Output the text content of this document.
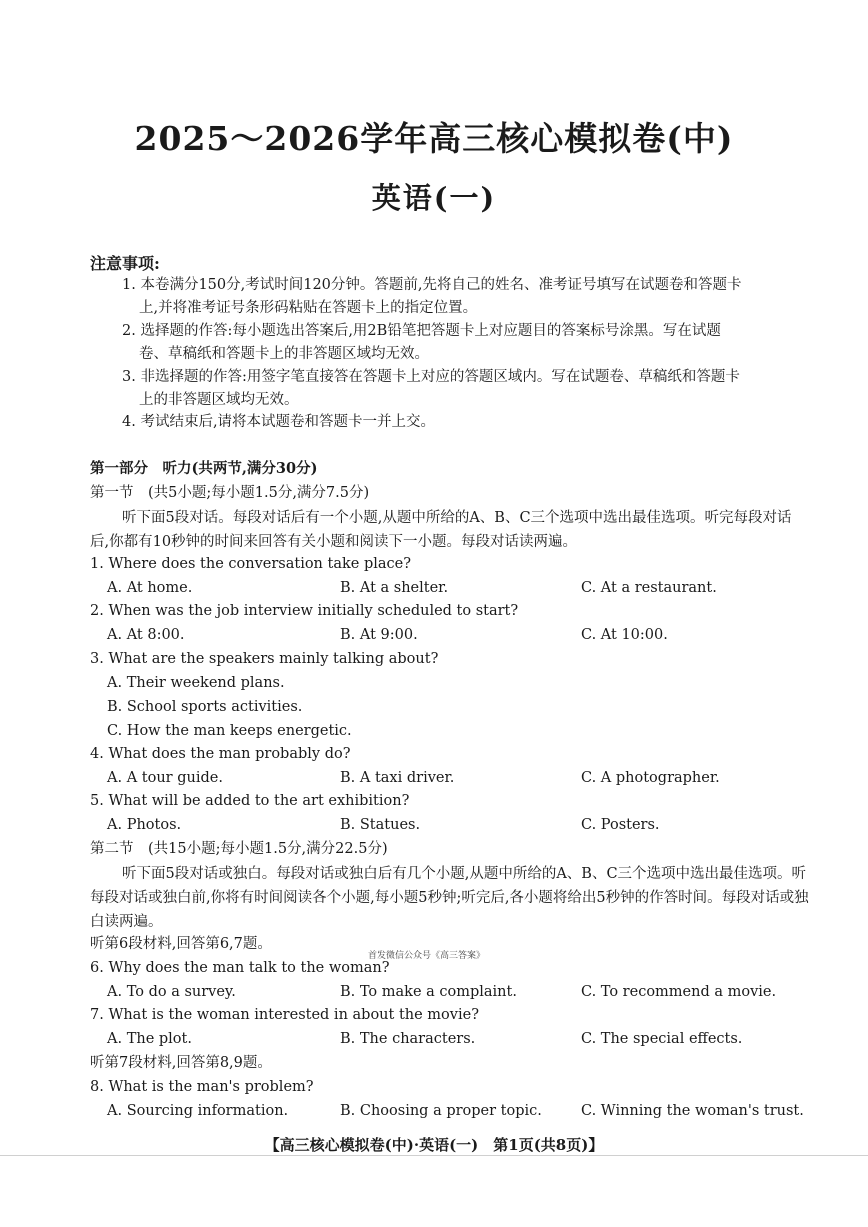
2025～2026学年高三核心模拟卷(中)
英语(一)
注意事项:
1. 本卷满分150分,考试时间120分钟。答题前,先将自己的姓名、准考证号填写在试题卷和答题卡
上,并将准考证号条形码粘贴在答题卡上的指定位置。
2. 选择题的作答:每小题选出答案后,用2B铅笔把答题卡上对应题目的答案标号涂黑。写在试题
卷、草稿纸和答题卡上的非答题区域均无效。
3. 非选择题的作答:用签字笔直接答在答题卡上对应的答题区域内。写在试题卷、草稿纸和答题卡
上的非答题区域均无效。
4. 考试结束后,请将本试题卷和答题卡一并上交。
第一部分　听力(共两节,满分30分)
第一节　(共5小题;每小题1.5分,满分7.5分)
听下面5段对话。每段对话后有一个小题,从题中所给的A、B、C三个选项中选出最佳选项。听完每段对话后,你都有10秒钟的时间来回答有关小题和阅读下一小题。每段对话读两遍。
1. Where does the conversation take place?
A. At home.	B. At a shelter.	C. At a restaurant.
2. When was the job interview initially scheduled to start?
A. At 8:00.	B. At 9:00.	C. At 10:00.
3. What are the speakers mainly talking about?
A. Their weekend plans.
B. School sports activities.
C. How the man keeps energetic.
4. What does the man probably do?
A. A tour guide.	B. A taxi driver.	C. A photographer.
5. What will be added to the art exhibition?
A. Photos.	B. Statues.	C. Posters.
第二节　(共15小题;每小题1.5分,满分22.5分)
听下面5段对话或独白。每段对话或独白后有几个小题,从题中所给的A、B、C三个选项中选出最佳选项。听每段对话或独白前,你将有时间阅读各个小题,每小题5秒钟;听完后,各小题将给出5秒钟的作答时间。每段对话或独白读两遍。
听第6段材料,回答第6,7题。
首发微信公众号《高三答案》
6. Why does the man talk to the woman?
A. To do a survey.	B. To make a complaint.	C. To recommend a movie.
7. What is the woman interested in about the movie?
A. The plot.	B. The characters.	C. The special effects.
听第7段材料,回答第8,9题。
8. What is the man's problem?
A. Sourcing information.	B. Choosing a proper topic.	C. Winning the woman's trust.
【高三核心模拟卷(中)·英语(一)　第1页(共8页)】
